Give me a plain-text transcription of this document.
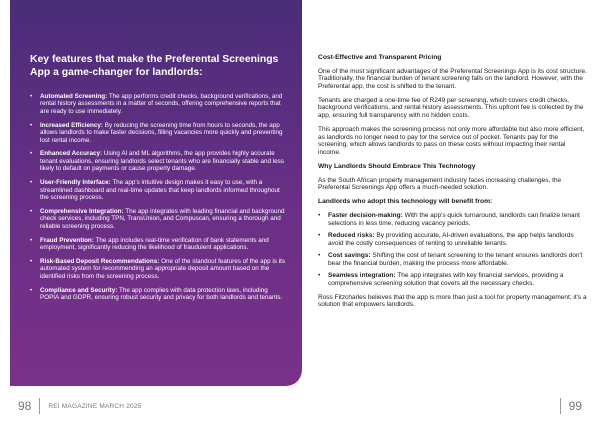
Key features that make the Preferental Screenings App a game-changer for landlords:
• Automated Screening: The app performs credit checks, background verifications, and rental history assessments in a matter of seconds, offering comprehensive reports that are ready to use immediately.
• Increased Efficiency: By reducing the screening time from hours to seconds, the app allows landlords to make faster decisions, filling vacancies more quickly and preventing lost rental income.
• Enhanced Accuracy: Using AI and ML algorithms, the app provides highly accurate tenant evaluations, ensuring landlords select tenants who are financially stable and less likely to default on payments or cause property damage.
• User-Friendly Interface: The app's intuitive design makes it easy to use, with a streamlined dashboard and real-time updates that keep landlords informed throughout the screening process.
• Comprehensive Integration: The app integrates with leading financial and background check services, including TPN, TransUnion, and Compuscan, ensuring a thorough and reliable screening process.
• Fraud Prevention: The app includes real-time verification of bank statements and employment, significantly reducing the likelihood of fraudulent applications.
• Risk-Based Deposit Recommendations: One of the standout features of the app is its automated system for recommending an appropriate deposit amount based on the identified risks from the screening process.
• Compliance and Security: The app complies with data protection laws, including POPIA and GDPR, ensuring robust security and privacy for both landlords and tenants.

Cost-Effective and Transparent Pricing

One of the most significant advantages of the Preferental Screenings App is its cost structure. Traditionally, the financial burden of tenant screening falls on the landlord. However, with the Preferental app, the cost is shifted to the tenant.

Tenants are charged a one-time fee of R249 per screening, which covers credit checks, background verifications, and rental history assessments. This upfront fee is collected by the app, ensuring full transparency with no hidden costs.

This approach makes the screening process not only more affordable but also more efficient, as landlords no longer need to pay for the service out of pocket. Tenants pay for the screening, which allows landlords to pass on these costs without impacting their rental income.

Why Landlords Should Embrace This Technology

As the South African property management industry faces increasing challenges, the Preferental Screenings App offers a much-needed solution.

Landlords who adopt this technology will benefit from:

• Faster decision-making: With the app's quick turnaround, landlords can finalize tenant selections in less time, reducing vacancy periods.
• Reduced risks: By providing accurate, AI-driven evaluations, the app helps landlords avoid the costly consequences of renting to unreliable tenants.
• Cost savings: Shifting the cost of tenant screening to the tenant ensures landlords don't bear the financial burden, making the process more affordable.
• Seamless integration: The app integrates with key financial services, providing a comprehensive screening solution that covers all the necessary checks.

Ross Fitzcharles believes that the app is more than just a tool for property management; it's a solution that empowers landlords.

98	REI MAGAZINE MARCH 2025	99
